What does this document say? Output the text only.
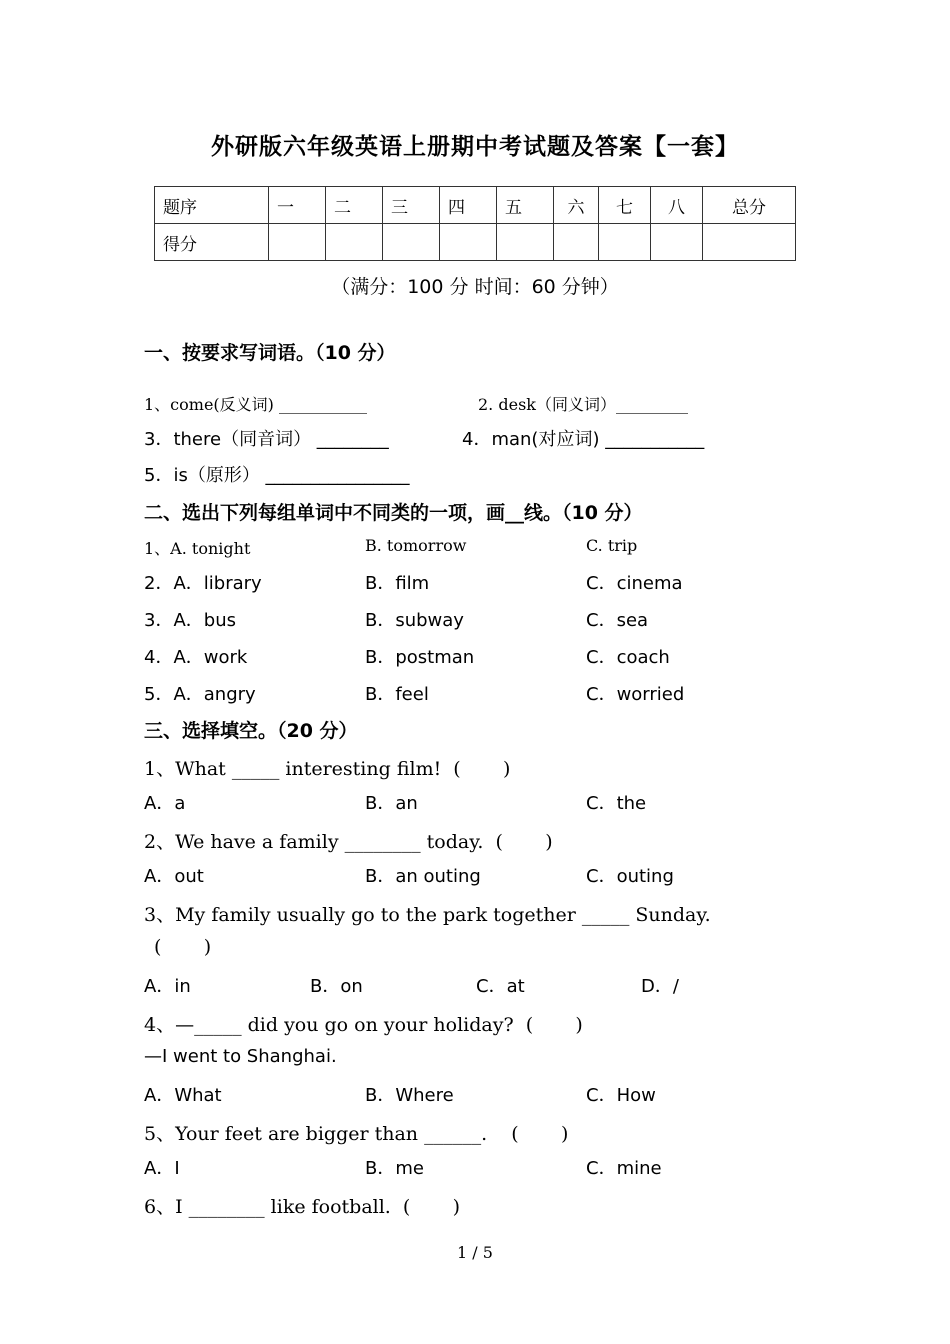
外研版六年级英语上册期中考试题及答案【一套】
题序	一	二	三	四	五	六	七	八	总分
得分									
（满分：100 分 时间：60 分钟）
一、按要求写词语。（10 分）
1、come(反义词) ___________	2. desk（同义词）_________
3．there（同音词） ________	4．man(对应词) ___________
5．is（原形） ________________
二、选出下列每组单词中不同类的一项，画__线。（10 分）
1、A. tonight	B. tomorrow	C. trip
2．A．library	B．film	C．cinema
3．A．bus	B．subway	C．sea
4．A．work	B．postman	C．coach
5．A．angry	B．feel	C．worried
三、选择填空。（20 分）
1、What _____ interesting film!  (       )
A．a	B．an	C．the
2、We have a family ________ today.  (       )
A．out	B．an outing	C．outing
3、My family usually go to the park together _____ Sunday.
(       )
A．in	B．on	C．at	D．/
4、—_____ did you go on your holiday?  (       )
—I went to Shanghai.
A．What	B．Where	C．How
5、Your feet are bigger than ______.    (       )
A．I	B．me	C．mine
6、I ________ like football.  (       )
1 / 5
